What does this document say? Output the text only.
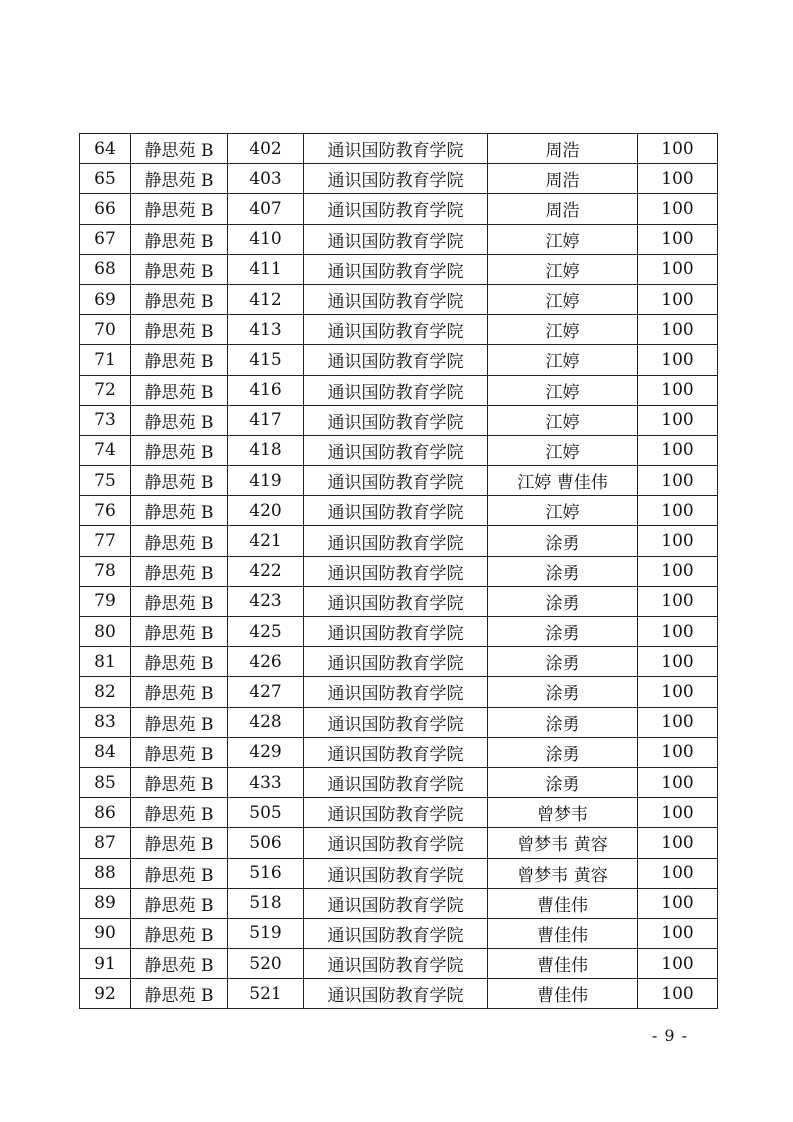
64	静思苑 B	402	通识国防教育学院	周浩	100
65	静思苑 B	403	通识国防教育学院	周浩	100
66	静思苑 B	407	通识国防教育学院	周浩	100
67	静思苑 B	410	通识国防教育学院	江婷	100
68	静思苑 B	411	通识国防教育学院	江婷	100
69	静思苑 B	412	通识国防教育学院	江婷	100
70	静思苑 B	413	通识国防教育学院	江婷	100
71	静思苑 B	415	通识国防教育学院	江婷	100
72	静思苑 B	416	通识国防教育学院	江婷	100
73	静思苑 B	417	通识国防教育学院	江婷	100
74	静思苑 B	418	通识国防教育学院	江婷	100
75	静思苑 B	419	通识国防教育学院	江婷 曹佳伟	100
76	静思苑 B	420	通识国防教育学院	江婷	100
77	静思苑 B	421	通识国防教育学院	涂勇	100
78	静思苑 B	422	通识国防教育学院	涂勇	100
79	静思苑 B	423	通识国防教育学院	涂勇	100
80	静思苑 B	425	通识国防教育学院	涂勇	100
81	静思苑 B	426	通识国防教育学院	涂勇	100
82	静思苑 B	427	通识国防教育学院	涂勇	100
83	静思苑 B	428	通识国防教育学院	涂勇	100
84	静思苑 B	429	通识国防教育学院	涂勇	100
85	静思苑 B	433	通识国防教育学院	涂勇	100
86	静思苑 B	505	通识国防教育学院	曾梦韦	100
87	静思苑 B	506	通识国防教育学院	曾梦韦 黄容	100
88	静思苑 B	516	通识国防教育学院	曾梦韦 黄容	100
89	静思苑 B	518	通识国防教育学院	曹佳伟	100
90	静思苑 B	519	通识国防教育学院	曹佳伟	100
91	静思苑 B	520	通识国防教育学院	曹佳伟	100
92	静思苑 B	521	通识国防教育学院	曹佳伟	100
- 9 -
